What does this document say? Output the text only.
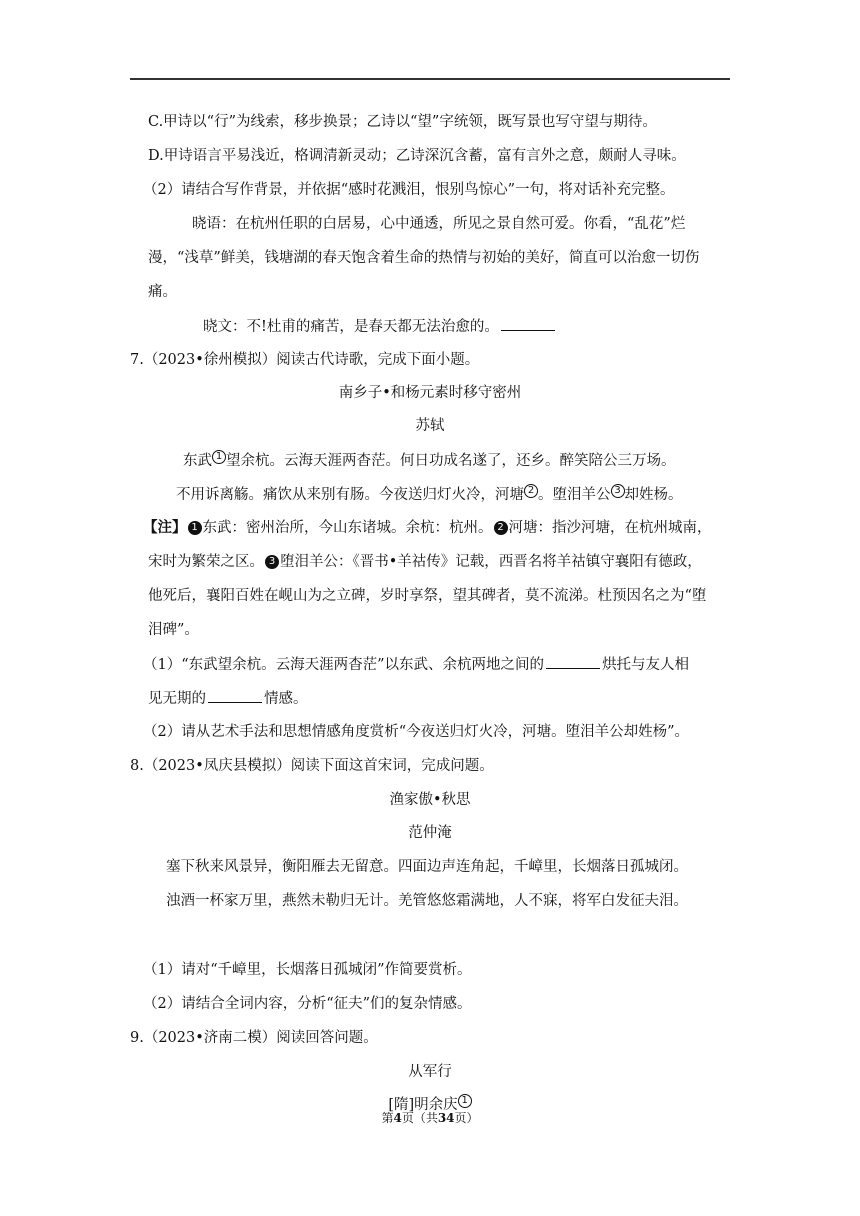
C.甲诗以“行”为线索，移步换景；乙诗以“望”字统领，既写景也写守望与期待。
D.甲诗语言平易浅近，格调清新灵动；乙诗深沉含蓄，富有言外之意，颇耐人寻味。
（2）请结合写作背景，并依据“感时花溅泪，恨别鸟惊心”一句，将对话补充完整。
晓语：在杭州任职的白居易，心中通透，所见之景自然可爱。你看，“乱花”烂
漫，“浅草”鲜美，钱塘湖的春天饱含着生命的热情与初始的美好，简直可以治愈一切伤
痛。
晓文：不!杜甫的痛苦，是春天都无法治愈的。
7.（2023•徐州模拟）阅读古代诗歌，完成下面小题。
南乡子•和杨元素时移守密州
苏轼
东武 1 望余杭。云海天涯两杳茫。何日功成名遂了，还乡。醉笑陪公三万场。
不用诉离觞。痛饮从来别有肠。今夜送归灯火冷，河塘 2 。堕泪羊公 3 却姓杨。
【注】 1 东武：密州治所，今山东诸城。余杭：杭州。 2 河塘：指沙河塘，在杭州城南，
宋时为繁荣之区。 3 堕泪羊公：《晋书•羊祜传》记载，西晋名将羊祜镇守襄阳有德政，
他死后，襄阳百姓在岘山为之立碑，岁时享祭，望其碑者，莫不流涕。杜预因名之为“堕
泪碑”。
（1）“东武望余杭。云海天涯两杳茫”以东武、余杭两地之间的	烘托与友人相
见无期的	情感。
（2）请从艺术手法和思想情感角度赏析“今夜送归灯火冷，河塘。堕泪羊公却姓杨”。
8.（2023•凤庆县模拟）阅读下面这首宋词，完成问题。
渔家傲•秋思
范仲淹
塞下秋来风景异，衡阳雁去无留意。四面边声连角起，千嶂里，长烟落日孤城闭。
浊酒一杯家万里，燕然未勒归无计。羌管悠悠霜满地，人不寐，将军白发征夫泪。
（1）请对“千嶂里，长烟落日孤城闭”作简要赏析。
（2）请结合全词内容，分析“征夫”们的复杂情感。
9.（2023•济南二模）阅读回答问题。
从军行
[隋]明余庆 1
第4页（共34页）
